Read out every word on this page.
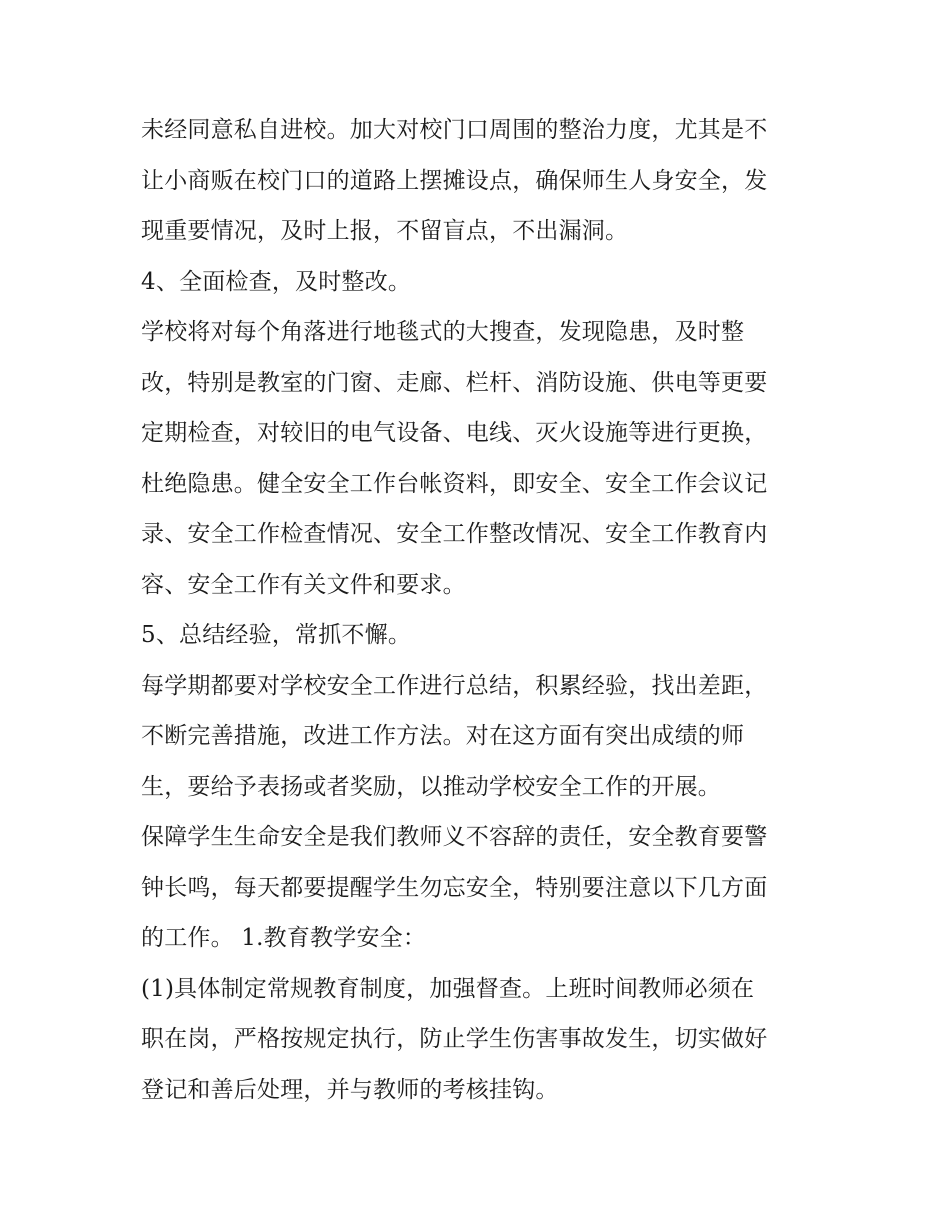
未经同意私自进校。加大对校门口周围的整治力度，尤其是不
让小商贩在校门口的道路上摆摊设点，确保师生人身安全，发
现重要情况，及时上报，不留盲点，不出漏洞。
4、全面检查，及时整改。
学校将对每个角落进行地毯式的大搜查，发现隐患，及时整
改，特别是教室的门窗、走廊、栏杆、消防设施、供电等更要
定期检查，对较旧的电气设备、电线、灭火设施等进行更换，
杜绝隐患。健全安全工作台帐资料，即安全、安全工作会议记
录、安全工作检查情况、安全工作整改情况、安全工作教育内
容、安全工作有关文件和要求。
5、总结经验，常抓不懈。
每学期都要对学校安全工作进行总结，积累经验，找出差距，
不断完善措施，改进工作方法。对在这方面有突出成绩的师
生，要给予表扬或者奖励，以推动学校安全工作的开展。
保障学生生命安全是我们教师义不容辞的责任，安全教育要警
钟长鸣，每天都要提醒学生勿忘安全，特别要注意以下几方面
的工作。 1.教育教学安全：
(1)具体制定常规教育制度，加强督查。上班时间教师必须在
职在岗，严格按规定执行，防止学生伤害事故发生，切实做好
登记和善后处理，并与教师的考核挂钩。
